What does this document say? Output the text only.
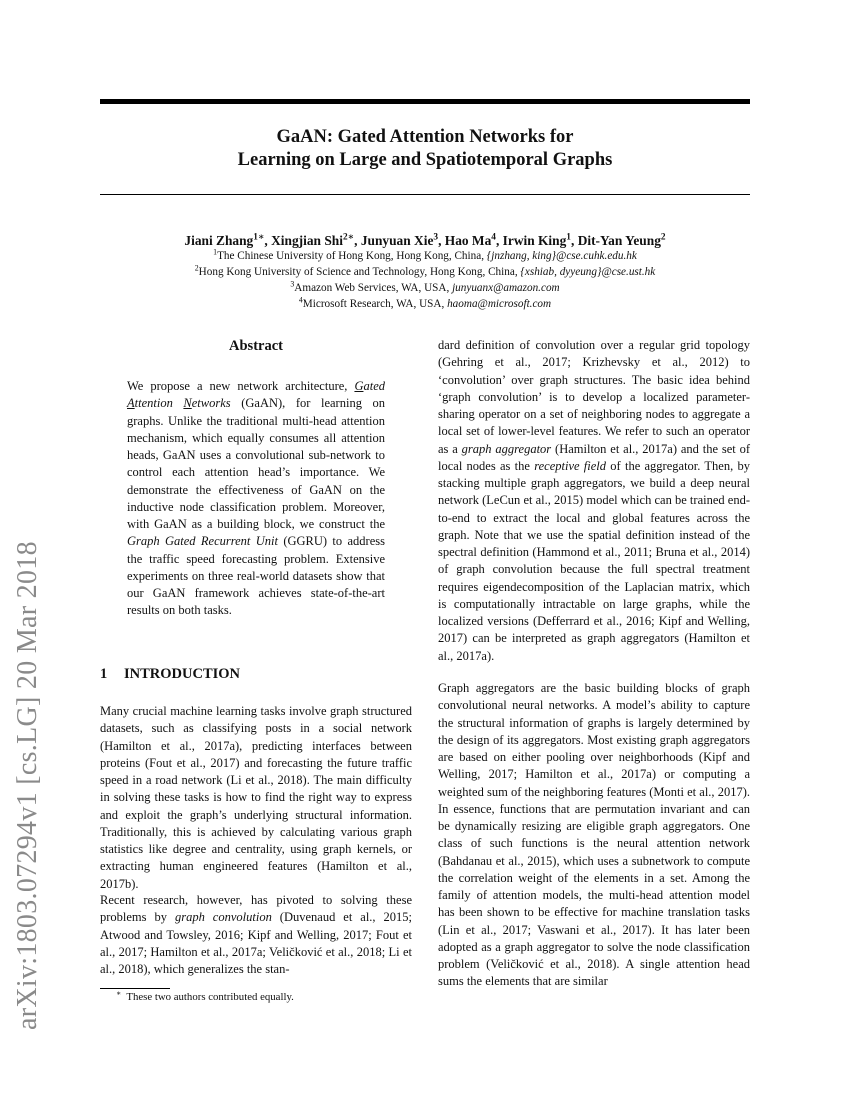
arXiv:1803.07294v1 [cs.LG] 20 Mar 2018
GaAN: Gated Attention Networks for
Learning on Large and Spatiotemporal Graphs
Jiani Zhang$^{1∗}$, Xingjian Shi$^{2∗}$, Junyuan Xie$^3$, Hao Ma$^4$, Irwin King$^1$, Dit-Yan Yeung$^2$
$^1$The Chinese University of Hong Kong, Hong Kong, China, {jnzhang, king}@cse.cuhk.edu.hk
$^2$Hong Kong University of Science and Technology, Hong Kong, China, {xshiab, dyyeung}@cse.ust.hk
$^3$Amazon Web Services, WA, USA, junyuanx@amazon.com
$^4$Microsoft Research, WA, USA, haoma@microsoft.com
Abstract
We propose a new network architecture, Gated Attention Networks (GaAN), for learning on graphs. Unlike the traditional multi-head attention mechanism, which equally consumes all attention heads, GaAN uses a convolutional sub-network to control each attention head’s importance. We demonstrate the effectiveness of GaAN on the inductive node classification problem. Moreover, with GaAN as a building block, we construct the Graph Gated Recurrent Unit (GGRU) to address the traffic speed forecasting problem. Extensive experiments on three real-world datasets show that our GaAN framework achieves state-of-the-art results on both tasks.
1 INTRODUCTION

Many crucial machine learning tasks involve graph structured datasets, such as classifying posts in a social network (Hamilton et al., 2017a), predicting interfaces between proteins (Fout et al., 2017) and forecasting the future traffic speed in a road network (Li et al., 2018). The main difficulty in solving these tasks is how to find the right way to express and exploit the graph’s underlying structural information. Traditionally, this is achieved by calculating various graph statistics like degree and centrality, using graph kernels, or extracting human engineered features (Hamilton et al., 2017b).

Recent research, however, has pivoted to solving these problems by graph convolution (Duvenaud et al., 2015; Atwood and Towsley, 2016; Kipf and Welling, 2017; Fout et al., 2017; Hamilton et al., 2017a; Veličković et al., 2018; Li et al., 2018), which generalizes the stan-

∗ These two authors contributed equally.

dard definition of convolution over a regular grid topology (Gehring et al., 2017; Krizhevsky et al., 2012) to ‘convolution’ over graph structures. The basic idea behind ‘graph convolution’ is to develop a localized parameter-sharing operator on a set of neighboring nodes to aggregate a local set of lower-level features. We refer to such an operator as a graph aggregator (Hamilton et al., 2017a) and the set of local nodes as the receptive field of the aggregator. Then, by stacking multiple graph aggregators, we build a deep neural network (LeCun et al., 2015) model which can be trained end-to-end to extract the local and global features across the graph. Note that we use the spatial definition instead of the spectral definition (Hammond et al., 2011; Bruna et al., 2014) of graph convolution because the full spectral treatment requires eigendecomposition of the Laplacian matrix, which is computationally intractable on large graphs, while the localized versions (Defferrard et al., 2016; Kipf and Welling, 2017) can be interpreted as graph aggregators (Hamilton et al., 2017a).

Graph aggregators are the basic building blocks of graph convolutional neural networks. A model’s ability to capture the structural information of graphs is largely determined by the design of its aggregators. Most existing graph aggregators are based on either pooling over neighborhoods (Kipf and Welling, 2017; Hamilton et al., 2017a) or computing a weighted sum of the neighboring features (Monti et al., 2017). In essence, functions that are permutation invariant and can be dynamically resizing are eligible graph aggregators. One class of such functions is the neural attention network (Bahdanau et al., 2015), which uses a subnetwork to compute the correlation weight of the elements in a set. Among the family of attention models, the multi-head attention model has been shown to be effective for machine translation tasks (Lin et al., 2017; Vaswani et al., 2017). It has later been adopted as a graph aggregator to solve the node classification problem (Veličković et al., 2018). A single attention head sums the elements that are similar
